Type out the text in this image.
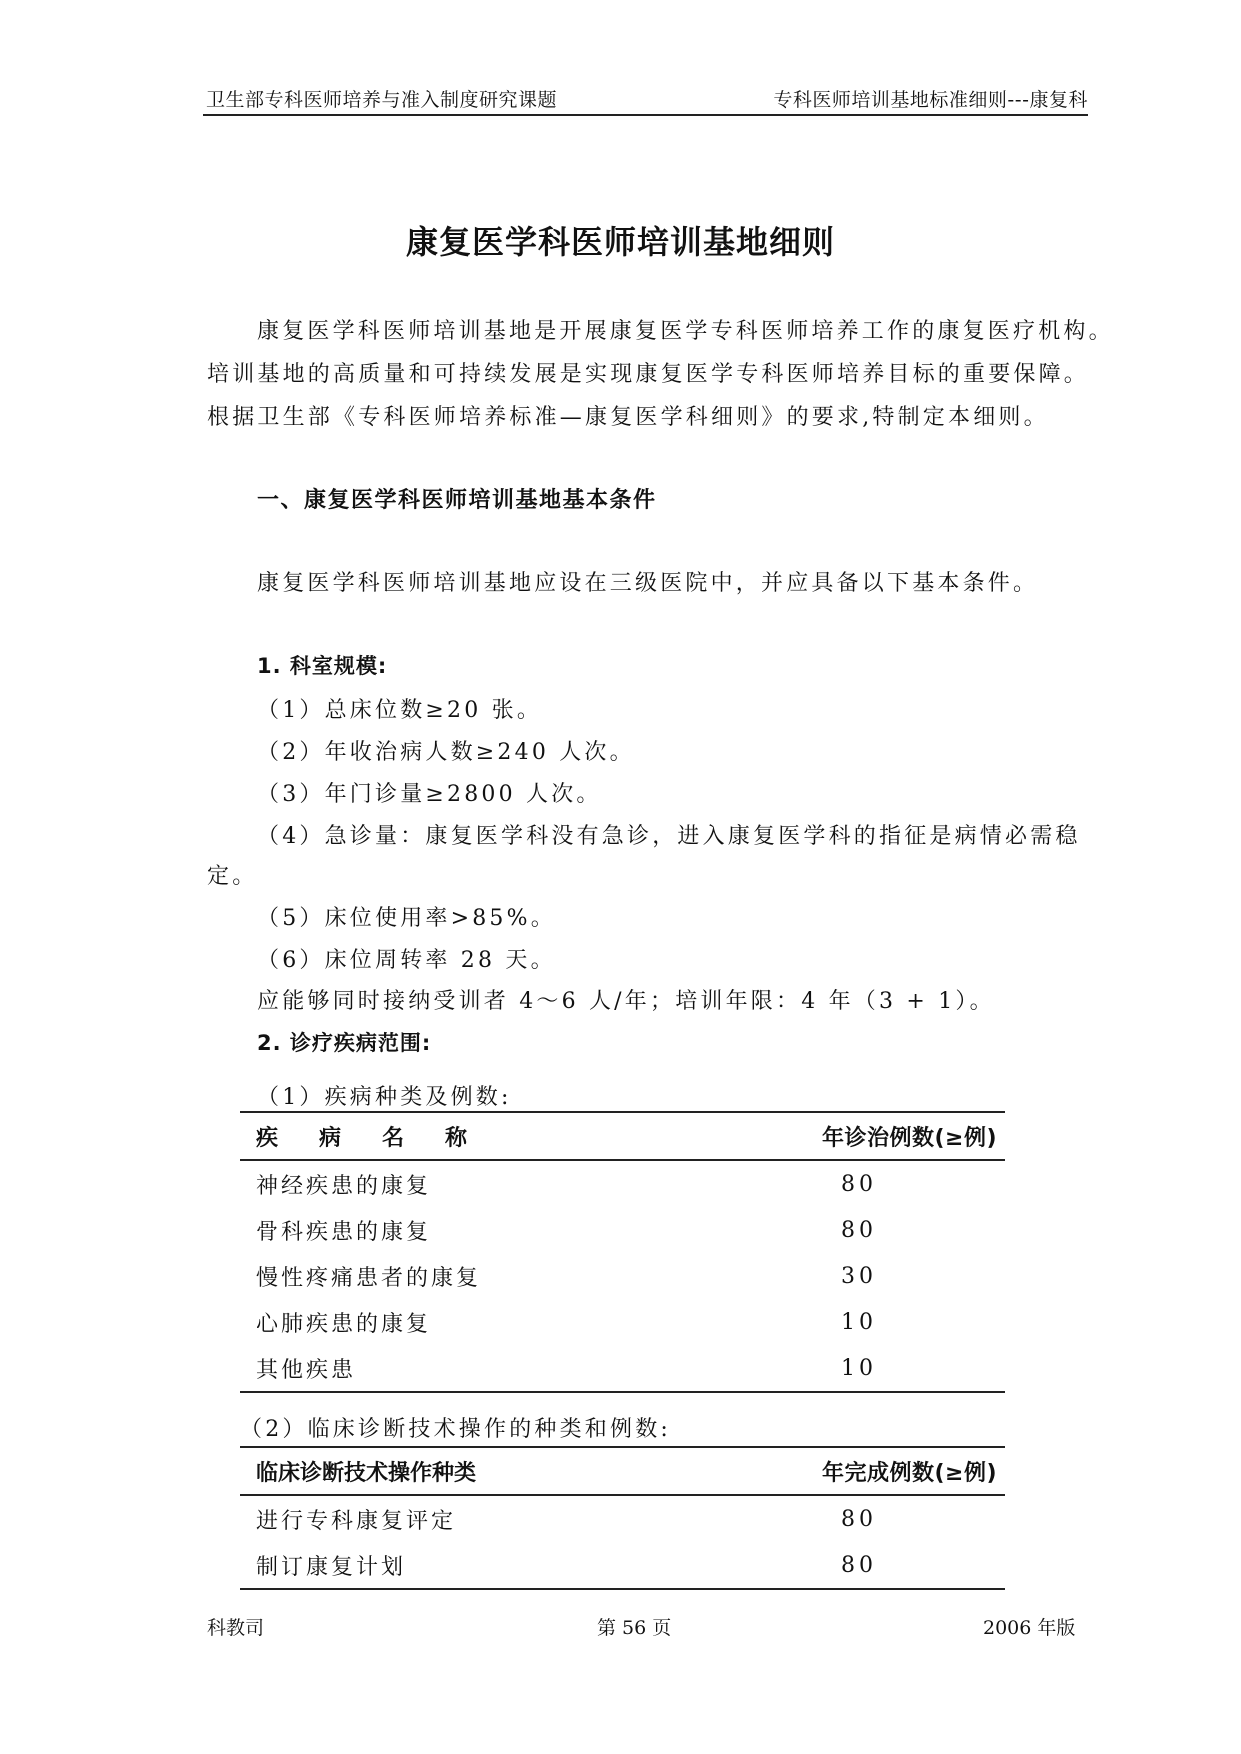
卫生部专科医师培养与准入制度研究课题	专科医师培训基地标准细则---康复科
康复医学科医师培训基地细则
康复医学科医师培训基地是开展康复医学专科医师培养工作的康复医疗机构。
培训基地的高质量和可持续发展是实现康复医学专科医师培养目标的重要保障。
根据卫生部《专科医师培养标准—康复医学科细则》的要求,特制定本细则。
一、康复医学科医师培训基地基本条件
康复医学科医师培训基地应设在三级医院中，并应具备以下基本条件。
1. 科室规模:
（1）总床位数≥20 张。
（2）年收治病人数≥240 人次。
（3）年门诊量≥2800 人次。
（4）急诊量：康复医学科没有急诊，进入康复医学科的指征是病情必需稳
定。
（5）床位使用率>85%。
（6）床位周转率 28 天。
应能够同时接纳受训者 4～6 人/年；培训年限：4 年（3 + 1）。
2. 诊疗疾病范围:
（1）疾病种类及例数:
疾病名称	年诊治例数(≥例)
神经疾患的康复	80
骨科疾患的康复	80
慢性疼痛患者的康复	30
心肺疾患的康复	10
其他疾患	10
（2）临床诊断技术操作的种类和例数:
临床诊断技术操作种类	年完成例数(≥例)
进行专科康复评定	80
制订康复计划	80
科教司	第 56 页	2006 年版
